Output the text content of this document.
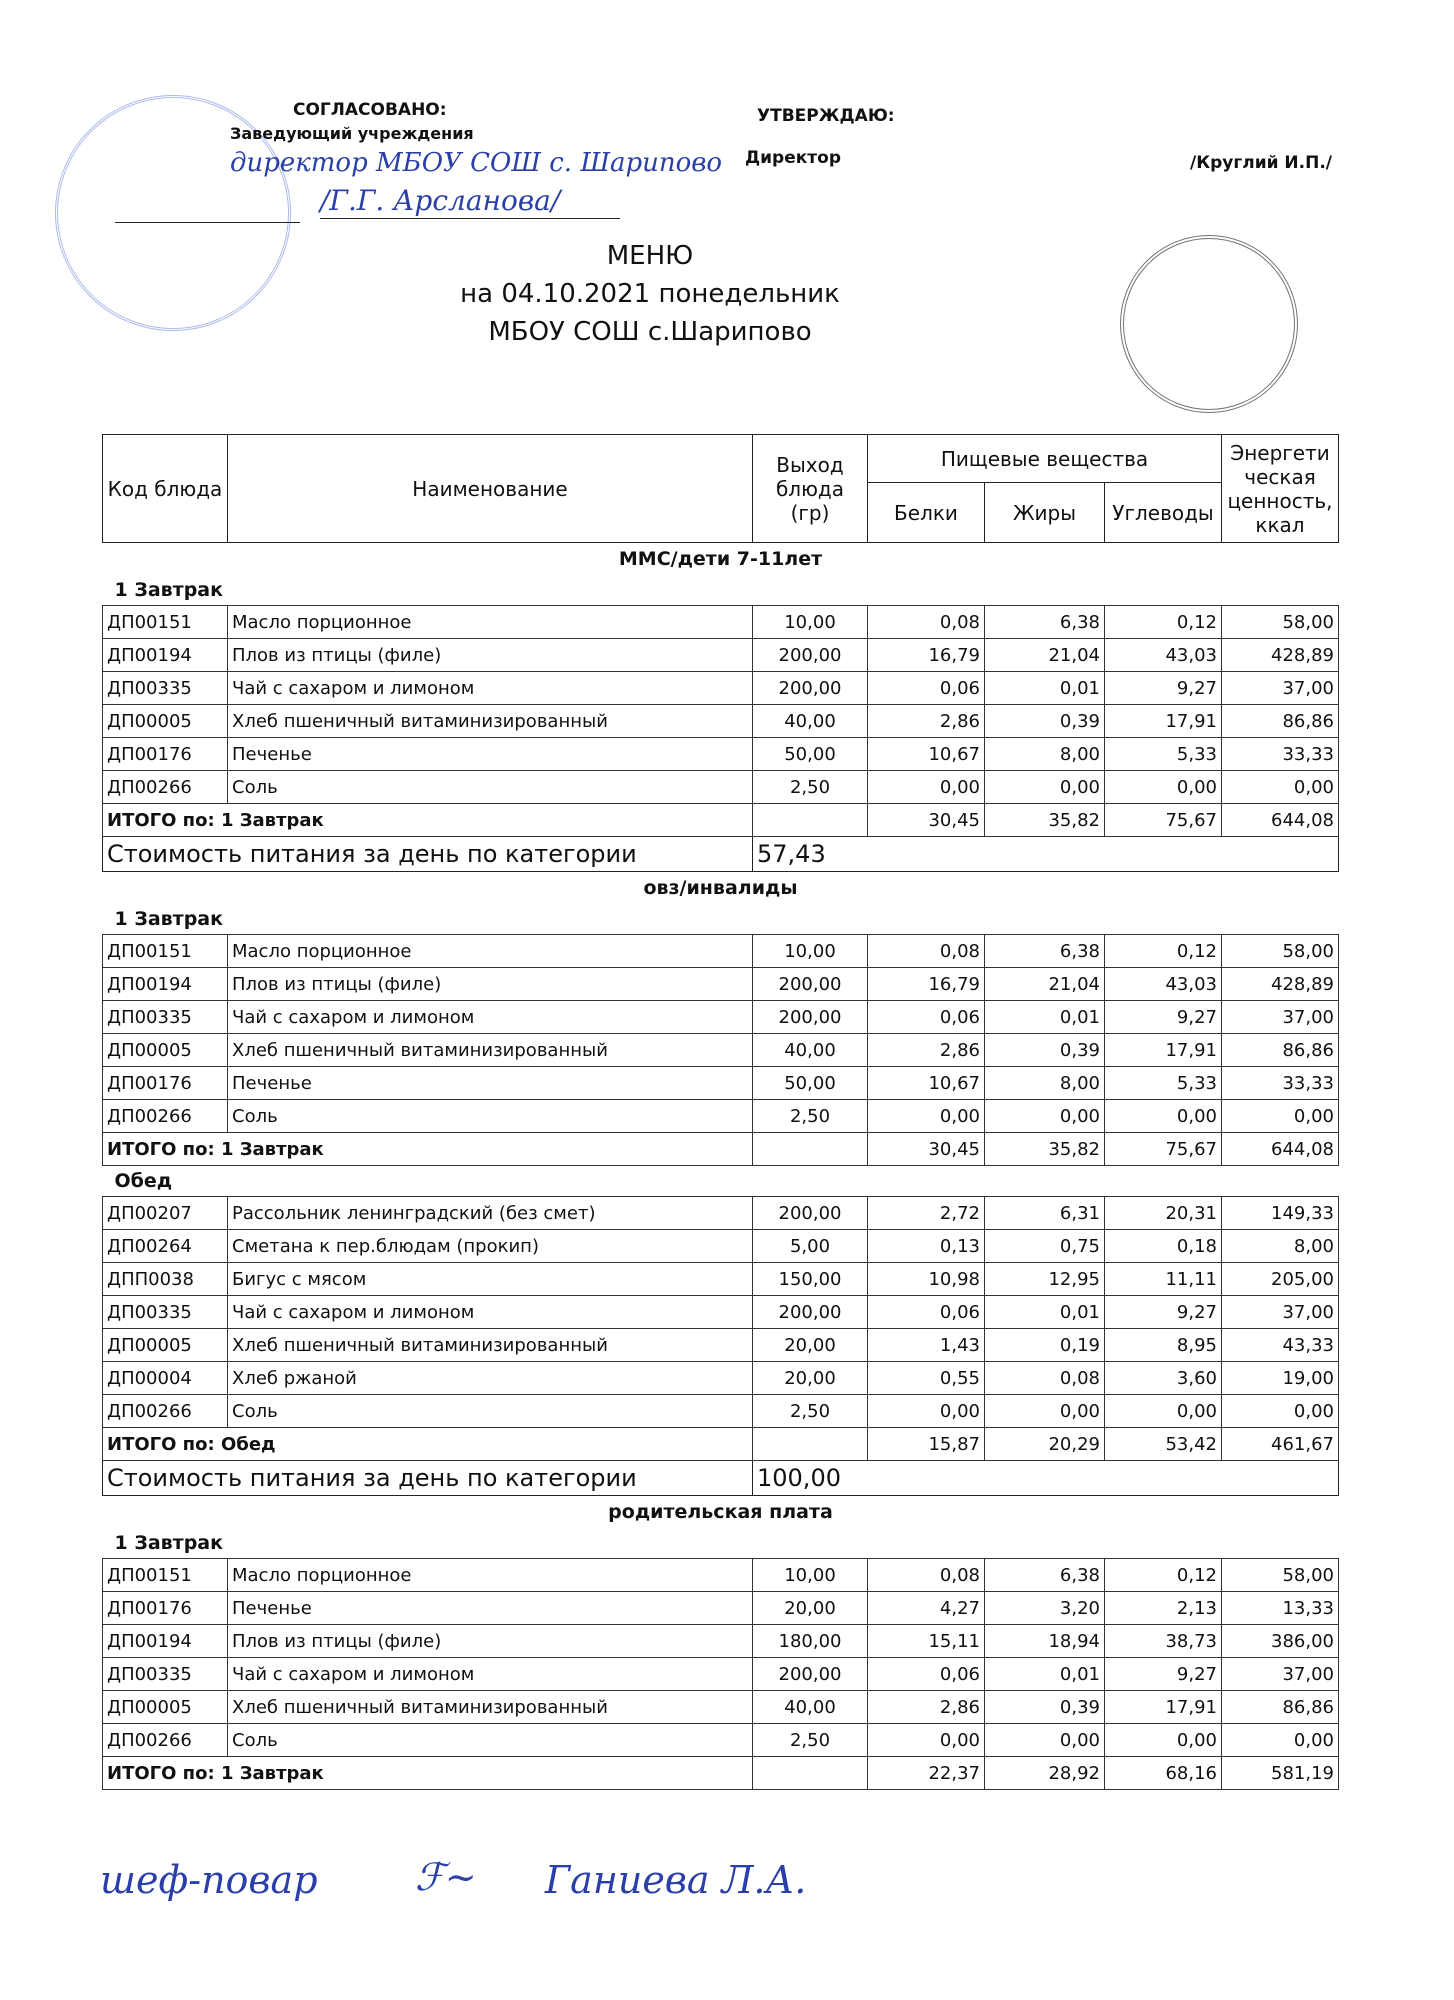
СОГЛАСОВАНО:
Заведующий учреждения
директор МБОУ СОШ с. Шарипово
/Г.Г. Арсланова/
УТВЕРЖДАЮ:
Директор	/Круглий И.П./
МЕНЮ
на 04.10.2021 понедельник
МБОУ СОШ с.Шарипово
Код блюда	Наименование	Выход блюда (гр)	Пищевые вещества			Энергети ческая ценность, ккал
			Белки	Жиры	Углеводы	
ММС/дети 7-11лет						
1 Завтрак						
ДП00151	Масло порционное	10,00	0,08	6,38	0,12	58,00
ДП00194	Плов из птицы (филе)	200,00	16,79	21,04	43,03	428,89
ДП00335	Чай с сахаром и лимоном	200,00	0,06	0,01	9,27	37,00
ДП00005	Хлеб пшеничный витаминизированный	40,00	2,86	0,39	17,91	86,86
ДП00176	Печенье	50,00	10,67	8,00	5,33	33,33
ДП00266	Соль	2,50	0,00	0,00	0,00	0,00
ИТОГО по: 1 Завтрак			30,45	35,82	75,67	644,08
Стоимость питания за день по категории		57,43				
овз/инвалиды						
1 Завтрак						
ДП00151	Масло порционное	10,00	0,08	6,38	0,12	58,00
ДП00194	Плов из птицы (филе)	200,00	16,79	21,04	43,03	428,89
ДП00335	Чай с сахаром и лимоном	200,00	0,06	0,01	9,27	37,00
ДП00005	Хлеб пшеничный витаминизированный	40,00	2,86	0,39	17,91	86,86
ДП00176	Печенье	50,00	10,67	8,00	5,33	33,33
ДП00266	Соль	2,50	0,00	0,00	0,00	0,00
ИТОГО по: 1 Завтрак			30,45	35,82	75,67	644,08
Обед						
ДП00207	Рассольник ленинградский (без смет)	200,00	2,72	6,31	20,31	149,33
ДП00264	Сметана к пер.блюдам (прокип)	5,00	0,13	0,75	0,18	8,00
ДПП0038	Бигус с мясом	150,00	10,98	12,95	11,11	205,00
ДП00335	Чай с сахаром и лимоном	200,00	0,06	0,01	9,27	37,00
ДП00005	Хлеб пшеничный витаминизированный	20,00	1,43	0,19	8,95	43,33
ДП00004	Хлеб ржаной	20,00	0,55	0,08	3,60	19,00
ДП00266	Соль	2,50	0,00	0,00	0,00	0,00
ИТОГО по: Обед			15,87	20,29	53,42	461,67
Стоимость питания за день по категории		100,00				
родительская плата						
1 Завтрак						
ДП00151	Масло порционное	10,00	0,08	6,38	0,12	58,00
ДП00176	Печенье	20,00	4,27	3,20	2,13	13,33
ДП00194	Плов из птицы (филе)	180,00	15,11	18,94	38,73	386,00
ДП00335	Чай с сахаром и лимоном	200,00	0,06	0,01	9,27	37,00
ДП00005	Хлеб пшеничный витаминизированный	40,00	2,86	0,39	17,91	86,86
ДП00266	Соль	2,50	0,00	0,00	0,00	0,00
ИТОГО по: 1 Завтрак			22,37	28,92	68,16	581,19
шеф-повар	ℱ~ Ганиева Л.А.
